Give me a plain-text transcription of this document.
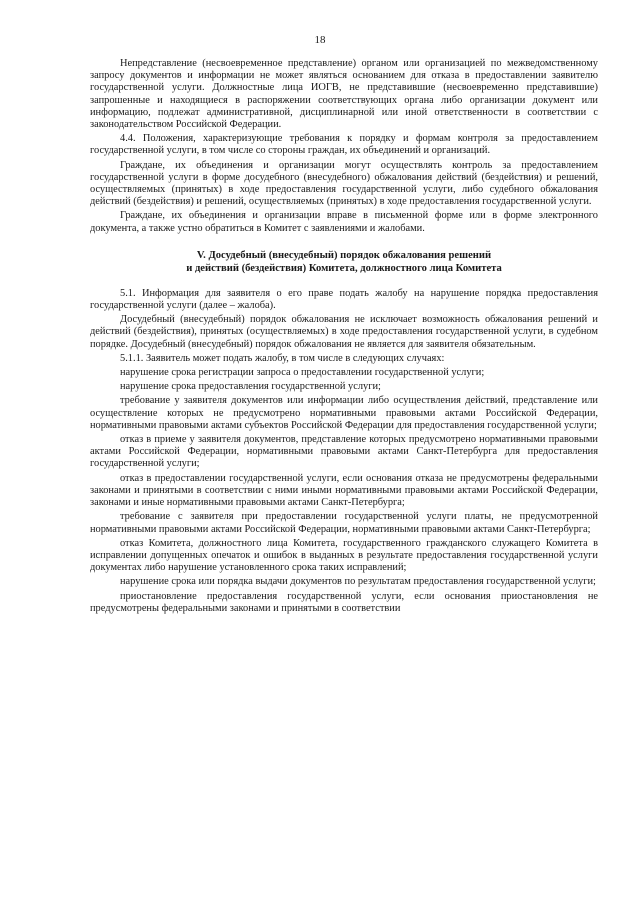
18

Непредставление (несвоевременное представление) органом или организацией по межведомственному запросу документов и информации не может являться основанием для отказа в предоставлении заявителю государственной услуги. Должностные лица ИОГВ, не представившие (несвоевременно представившие) запрошенные и находящиеся в распоряжении соответствующих органа либо организации документ или информацию, подлежат административной, дисциплинарной или иной ответственности в соответствии с законодательством Российской Федерации.

4.4. Положения, характеризующие требования к порядку и формам контроля за предоставлением государственной услуги, в том числе со стороны граждан, их объединений и организаций.

Граждане, их объединения и организации могут осуществлять контроль за предоставлением государственной услуги в форме досудебного (внесудебного) обжалования действий (бездействия) и решений, осуществляемых (принятых) в ходе предоставления государственной услуги, либо судебного обжалования действий (бездействия) и решений, осуществляемых (принятых) в ходе предоставления государственной услуги.

Граждане, их объединения и организации вправе в письменной форме или в форме электронного документа, а также устно обратиться в Комитет с заявлениями и жалобами.

V. Досудебный (внесудебный) порядок обжалования решений
и действий (бездействия) Комитета, должностного лица Комитета

5.1. Информация для заявителя о его праве подать жалобу на нарушение порядка предоставления государственной услуги (далее – жалоба).

Досудебный (внесудебный) порядок обжалования не исключает возможность обжалования решений и действий (бездействия), принятых (осуществляемых) в ходе предоставления государственной услуги, в судебном порядке. Досудебный (внесудебный) порядок обжалования не является для заявителя обязательным.

5.1.1. Заявитель может подать жалобу, в том числе в следующих случаях:

нарушение срока регистрации запроса о предоставлении государственной услуги;

нарушение срока предоставления государственной услуги;

требование у заявителя документов или информации либо осуществления действий, представление или осуществление которых не предусмотрено нормативными правовыми актами Российской Федерации, нормативными правовыми актами субъектов Российской Федерации для предоставления государственной услуги;

отказ в приеме у заявителя документов, представление которых предусмотрено нормативными правовыми актами Российской Федерации, нормативными правовыми актами Санкт-Петербурга для предоставления государственной услуги;

отказ в предоставлении государственной услуги, если основания отказа не предусмотрены федеральными законами и принятыми в соответствии с ними иными нормативными правовыми актами Российской Федерации, законами и иные нормативными правовыми актами Санкт-Петербурга;

требование с заявителя при предоставлении государственной услуги платы, не предусмотренной нормативными правовыми актами Российской Федерации, нормативными правовыми актами Санкт-Петербурга;

отказ Комитета, должностного лица Комитета, государственного гражданского служащего Комитета в исправлении допущенных опечаток и ошибок в выданных в результате предоставления государственной услуги документах либо нарушение установленного срока таких исправлений;

нарушение срока или порядка выдачи документов по результатам предоставления государственной услуги;

приостановление предоставления государственной услуги, если основания приостановления не предусмотрены федеральными законами и принятыми в соответствии
